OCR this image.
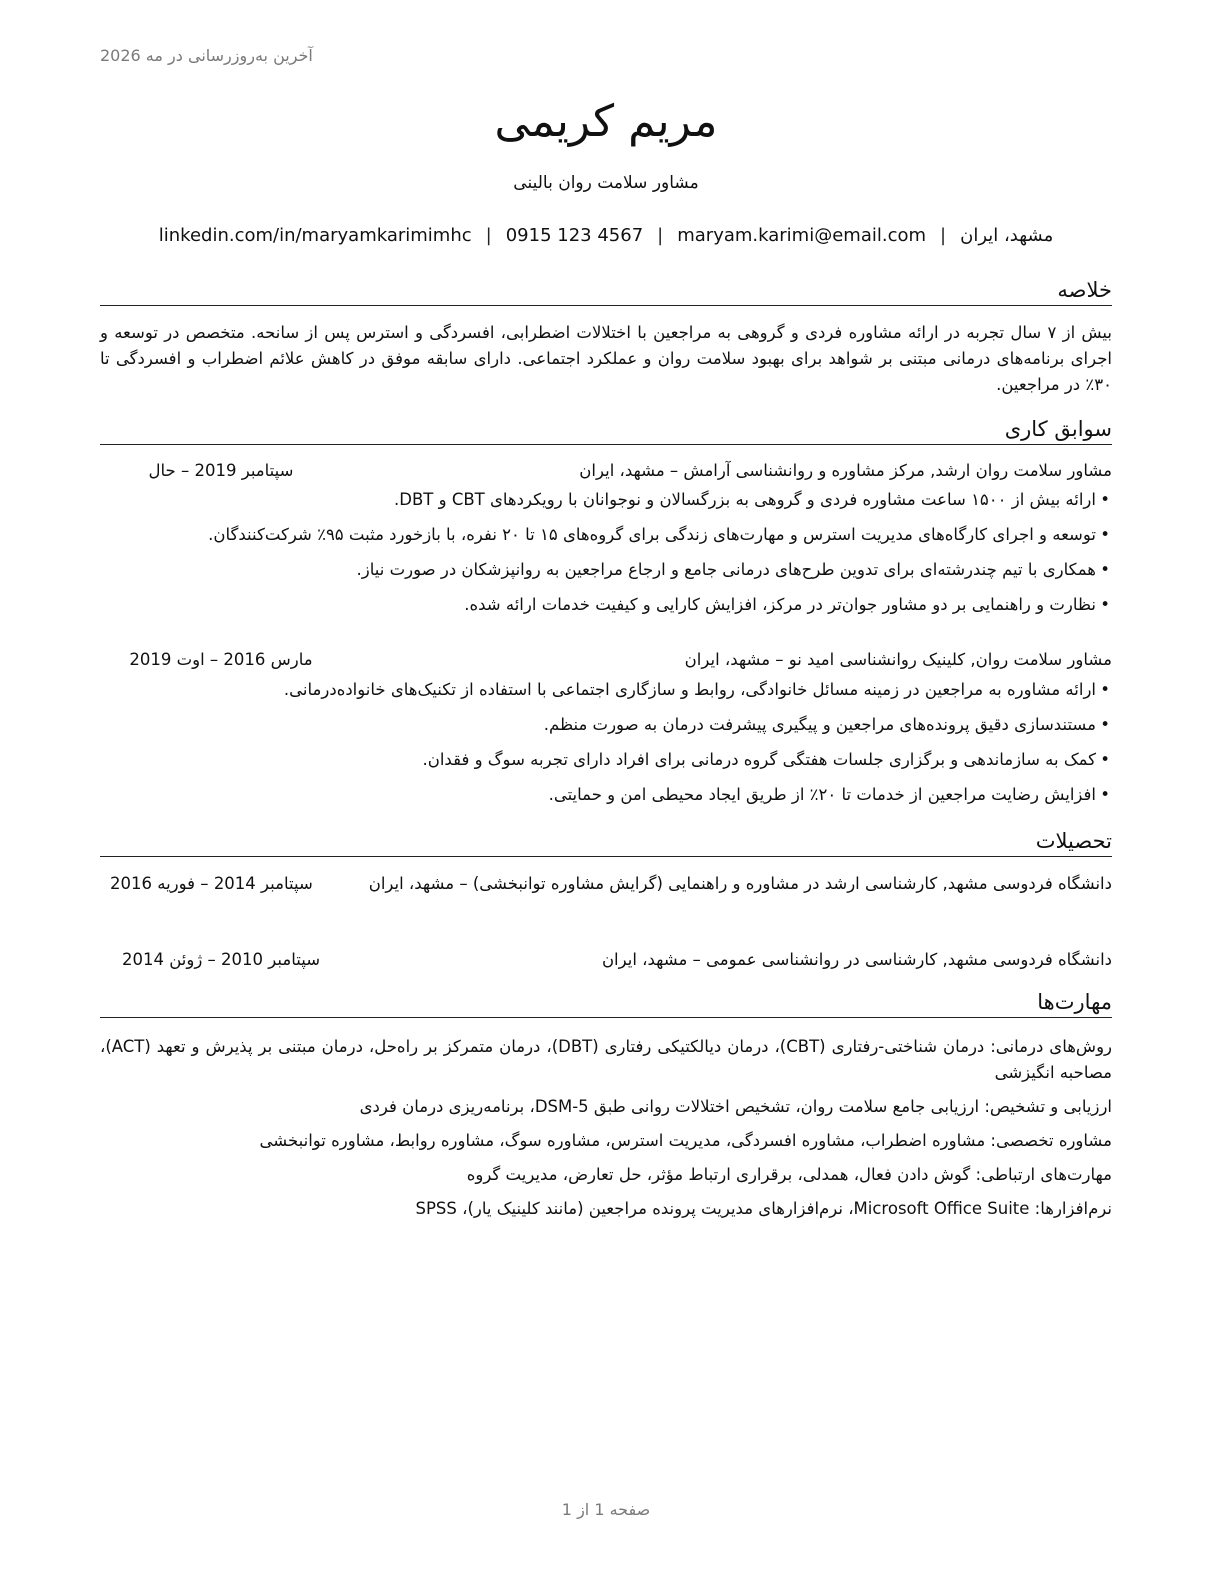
آخرین به‌روزرسانی در مه 2026
مریم کریمی
مشاور سلامت روان بالینی
مشهد، ایران|maryam.karimi@email.com|0915 123 4567|linkedin.com/in/maryamkarimimhc
خلاصه
بیش از ۷ سال تجربه در ارائه مشاوره فردی و گروهی به مراجعین با اختلالات اضطرابی، افسردگی و استرس پس از سانحه. متخصص در توسعه و اجرای برنامه‌های درمانی مبتنی بر شواهد برای بهبود سلامت روان و عملکرد اجتماعی. دارای سابقه موفق در کاهش علائم اضطراب و افسردگی تا ۳۰٪ در مراجعین.
سوابق کاری
مشاور سلامت روان ارشد, مرکز مشاوره و روانشناسی آرامش – مشهد، ایران
سپتامبر 2019 – حال
• ارائه بیش از ۱۵۰۰ ساعت مشاوره فردی و گروهی به بزرگسالان و نوجوانان با رویکردهای CBT و DBT.
• توسعه و اجرای کارگاه‌های مدیریت استرس و مهارت‌های زندگی برای گروه‌های ۱۵ تا ۲۰ نفره، با بازخورد مثبت ۹۵٪ شرکت‌کنندگان.
• همکاری با تیم چندرشته‌ای برای تدوین طرح‌های درمانی جامع و ارجاع مراجعین به روانپزشکان در صورت نیاز.
• نظارت و راهنمایی بر دو مشاور جوان‌تر در مرکز، افزایش کارایی و کیفیت خدمات ارائه شده.
مشاور سلامت روان, کلینیک روانشناسی امید نو – مشهد، ایران
مارس 2016 – اوت 2019
• ارائه مشاوره به مراجعین در زمینه مسائل خانوادگی، روابط و سازگاری اجتماعی با استفاده از تکنیک‌های خانواده‌درمانی.
• مستندسازی دقیق پرونده‌های مراجعین و پیگیری پیشرفت درمان به صورت منظم.
• کمک به سازماندهی و برگزاری جلسات هفتگی گروه درمانی برای افراد دارای تجربه سوگ و فقدان.
• افزایش رضایت مراجعین از خدمات تا ۲۰٪ از طریق ایجاد محیطی امن و حمایتی.
تحصیلات
دانشگاه فردوسی مشهد, کارشناسی ارشد در مشاوره و راهنمایی (گرایش مشاوره توانبخشی) – مشهد، ایران
سپتامبر 2014 – فوریه 2016
دانشگاه فردوسی مشهد, کارشناسی در روانشناسی عمومی – مشهد، ایران
سپتامبر 2010 – ژوئن 2014
مهارت‌ها
روش‌های درمانی: درمان شناختی-رفتاری (CBT)، درمان دیالکتیکی رفتاری (DBT)، درمان متمرکز بر راه‌حل، درمان مبتنی بر پذیرش و تعهد (ACT)، مصاحبه انگیزشی
ارزیابی و تشخیص: ارزیابی جامع سلامت روان، تشخیص اختلالات روانی طبق DSM-5، برنامه‌ریزی درمان فردی
مشاوره تخصصی: مشاوره اضطراب، مشاوره افسردگی، مدیریت استرس، مشاوره سوگ، مشاوره روابط، مشاوره توانبخشی
مهارت‌های ارتباطی: گوش دادن فعال، همدلی، برقراری ارتباط مؤثر، حل تعارض، مدیریت گروه
نرم‌افزارها: Microsoft Office Suite، نرم‌افزارهای مدیریت پرونده مراجعین (مانند کلینیک یار)، SPSS
صفحه 1 از 1
